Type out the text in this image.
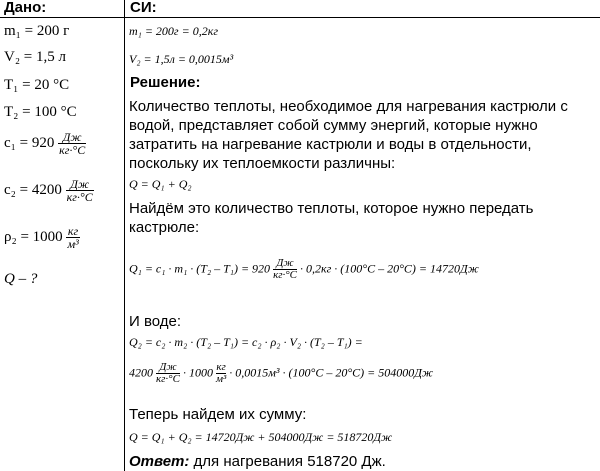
Дано:	СИ:
m₁ = 200 г
V₂ = 1,5 л
T₁ = 20 °C
T₂ = 100 °C
$c_1 = 920 \frac{Дж}{кг\cdot^\circ C}$
$c_2 = 4200 \frac{Дж}{кг\cdot^\circ C}$
$\rho_2 = 1000 \frac{кг}{\text{м³}}$
Q – ?
m₁ = 200г = 0,2кг
V₂ = 1,5л = 0,0015м³
Решение:
Количество теплоты, необходимое для нагревания кастрюли с водой, представляет собой сумму энергий, которые нужно затратить на нагревание кастрюли и воды в отдельности, поскольку их теплоемкости различны:
Q = Q₁ + Q₂
Найдём это количество теплоты, которое нужно передать кастрюле:
$Q_1 = c_1 \cdot m_1 \cdot (T_2 - T_1) = 920 \frac{Дж}{кг\cdot^\circ C} \cdot 0,2кг \cdot (100^\circ C - 20^\circ C) = 14720Дж$
И воде:
Q₂ = c₂ · m₂ · (T₂ – T₁) = c₂ · ρ₂ · V₂ · (T₂ – T₁) =
$4200 \frac{Дж}{кг\cdot^\circ C} \cdot 1000 \frac{кг}{\text{м³}} \cdot 0,0015м^3 \cdot (100^\circ C - 20^\circ C) = 504000Дж$
Теперь найдем их сумму:
Q = Q₁ + Q₂ = 14720Дж + 504000Дж = 518720Дж
Ответ: для нагревания 518720 Дж.
